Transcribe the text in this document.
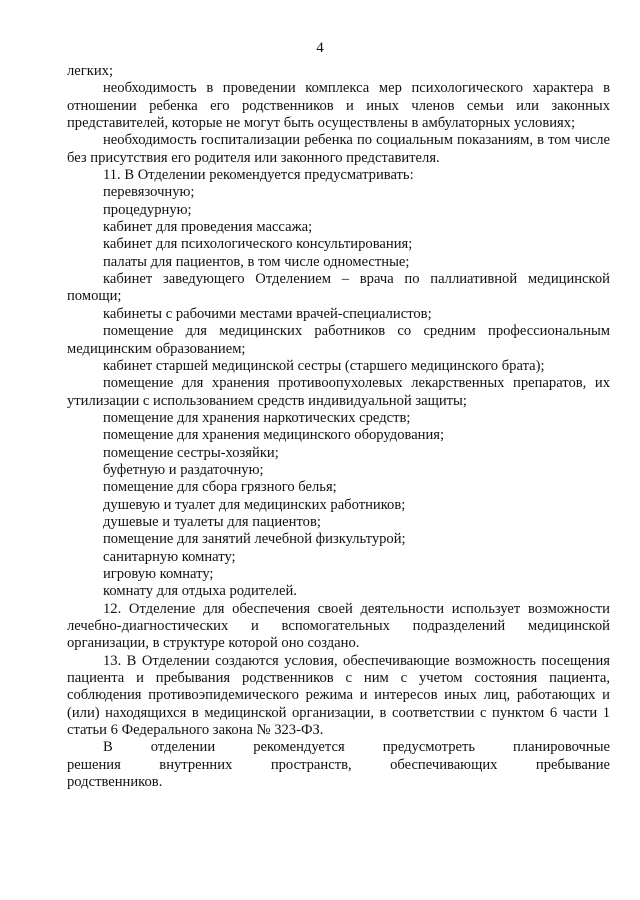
4

легких;

необходимость в проведении комплекса мер психологического характера в отношении ребенка его родственников и иных членов семьи или законных представителей, которые не могут быть осуществлены в амбулаторных условиях;

необходимость госпитализации ребенка по социальным показаниям, в том числе без присутствия его родителя или законного представителя.

11. В Отделении рекомендуется предусматривать:

перевязочную;

процедурную;

кабинет для проведения массажа;

кабинет для психологического консультирования;

палаты для пациентов, в том числе одноместные;

кабинет заведующего Отделением – врача по паллиативной медицинской помощи;

кабинеты с рабочими местами врачей-специалистов;

помещение для медицинских работников со средним профессиональным медицинским образованием;

кабинет старшей медицинской сестры (старшего медицинского брата);

помещение для хранения противоопухолевых лекарственных препаратов, их утилизации с использованием средств индивидуальной защиты;

помещение для хранения наркотических средств;

помещение для хранения медицинского оборудования;

помещение сестры-хозяйки;

буфетную и раздаточную;

помещение для сбора грязного белья;

душевую и туалет для медицинских работников;

душевые и туалеты для пациентов;

помещение для занятий лечебной физкультурой;

санитарную комнату;

игровую комнату;

комнату для отдыха родителей.

12. Отделение для обеспечения своей деятельности использует возможности лечебно-диагностических и вспомогательных подразделений медицинской организации, в структуре которой оно создано.

13. В Отделении создаются условия, обеспечивающие возможность посещения пациента и пребывания родственников с ним с учетом состояния пациента, соблюдения противоэпидемического режима и интересов иных лиц, работающих и (или) находящихся в медицинской организации, в соответствии с пунктом 6 части 1 статьи 6 Федерального закона № 323-ФЗ.

В отделении рекомендуется предусмотреть планировочные решения внутренних пространств, обеспечивающих пребывание родственников.
